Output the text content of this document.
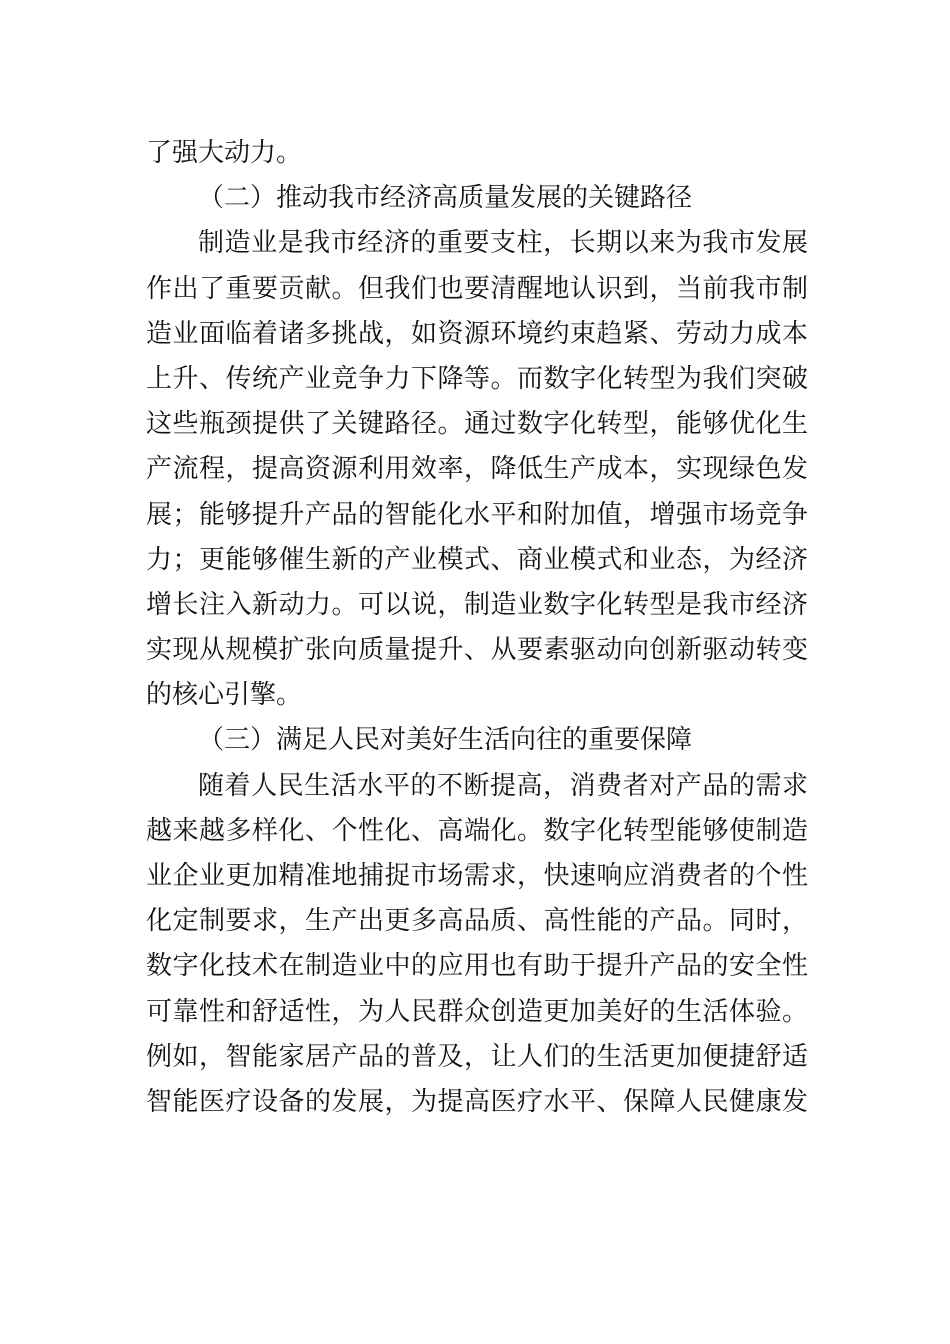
了强大动力。
（二）推动我市经济高质量发展的关键路径
制造业是我市经济的重要支柱，长期以来为我市发展
作出了重要贡献。但我们也要清醒地认识到，当前我市制
造业面临着诸多挑战，如资源环境约束趋紧、劳动力成本
上升、传统产业竞争力下降等。而数字化转型为我们突破
这些瓶颈提供了关键路径。通过数字化转型，能够优化生
产流程，提高资源利用效率，降低生产成本，实现绿色发
展；能够提升产品的智能化水平和附加值，增强市场竞争
力；更能够催生新的产业模式、商业模式和业态，为经济
增长注入新动力。可以说，制造业数字化转型是我市经济
实现从规模扩张向质量提升、从要素驱动向创新驱动转变
的核心引擎。
（三）满足人民对美好生活向往的重要保障
随着人民生活水平的不断提高，消费者对产品的需求
越来越多样化、个性化、高端化。数字化转型能够使制造
业企业更加精准地捕捉市场需求，快速响应消费者的个性
化定制要求，生产出更多高品质、高性能的产品。同时，
数字化技术在制造业中的应用也有助于提升产品的安全性
可靠性和舒适性，为人民群众创造更加美好的生活体验。
例如，智能家居产品的普及，让人们的生活更加便捷舒适
智能医疗设备的发展，为提高医疗水平、保障人民健康发
